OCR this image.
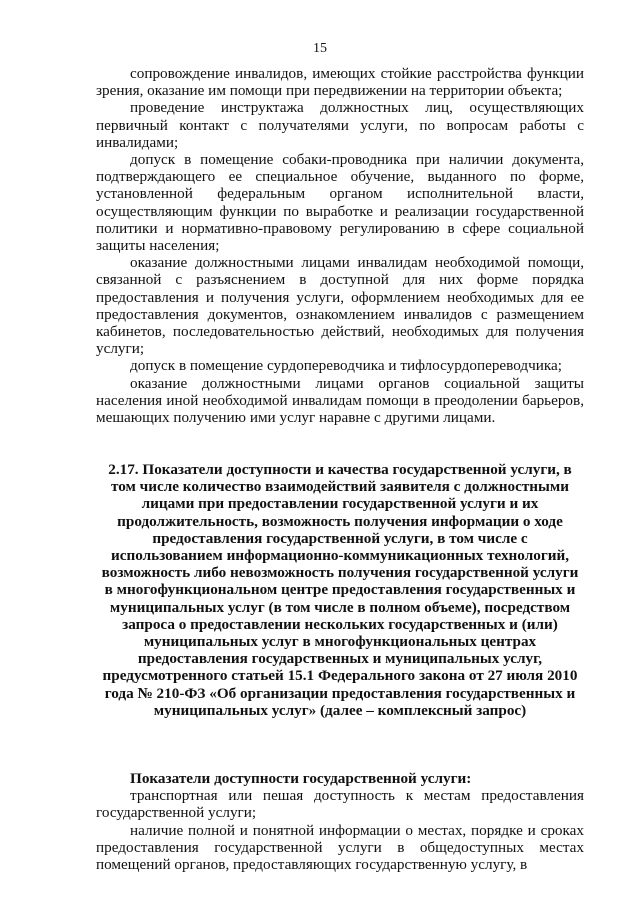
15

сопровождение инвалидов, имеющих стойкие расстройства функции зрения, оказание им помощи при передвижении на территории объекта;

проведение инструктажа должностных лиц, осуществляющих первичный контакт с получателями услуги, по вопросам работы с инвалидами;

допуск в помещение собаки-проводника при наличии документа, подтверждающего ее специальное обучение, выданного по форме, установленной федеральным органом исполнительной власти, осуществляющим функции по выработке и реализации государственной политики и нормативно-правовому регулированию в сфере социальной защиты населения;

оказание должностными лицами инвалидам необходимой помощи, связанной с разъяснением в доступной для них форме порядка предоставления и получения услуги, оформлением необходимых для ее предоставления документов, ознакомлением инвалидов с размещением кабинетов, последовательностью действий, необходимых для получения услуги;

допуск в помещение сурдопереводчика и тифлосурдопереводчика;

оказание должностными лицами органов социальной защиты населения иной необходимой инвалидам помощи в преодолении барьеров, мешающих получению ими услуг наравне с другими лицами.

2.17. Показатели доступности и качества государственной услуги, в том числе количество взаимодействий заявителя с должностными лицами при предоставлении государственной услуги и их продолжительность, возможность получения информации о ходе предоставления государственной услуги, в том числе с использованием информационно-коммуникационных технологий, возможность либо невозможность получения государственной услуги в многофункциональном центре предоставления государственных и муниципальных услуг (в том числе в полном объеме), посредством запроса о предоставлении нескольких государственных и (или) муниципальных услуг в многофункциональных центрах предоставления государственных и муниципальных услуг, предусмотренного статьей 15.1 Федерального закона от 27 июля 2010 года № 210-ФЗ «Об организации предоставления государственных и муниципальных услуг» (далее – комплексный запрос)

Показатели доступности государственной услуги:

транспортная или пешая доступность к местам предоставления государственной услуги;

наличие полной и понятной информации о местах, порядке и сроках предоставления государственной услуги в общедоступных местах помещений органов, предоставляющих государственную услугу, в
